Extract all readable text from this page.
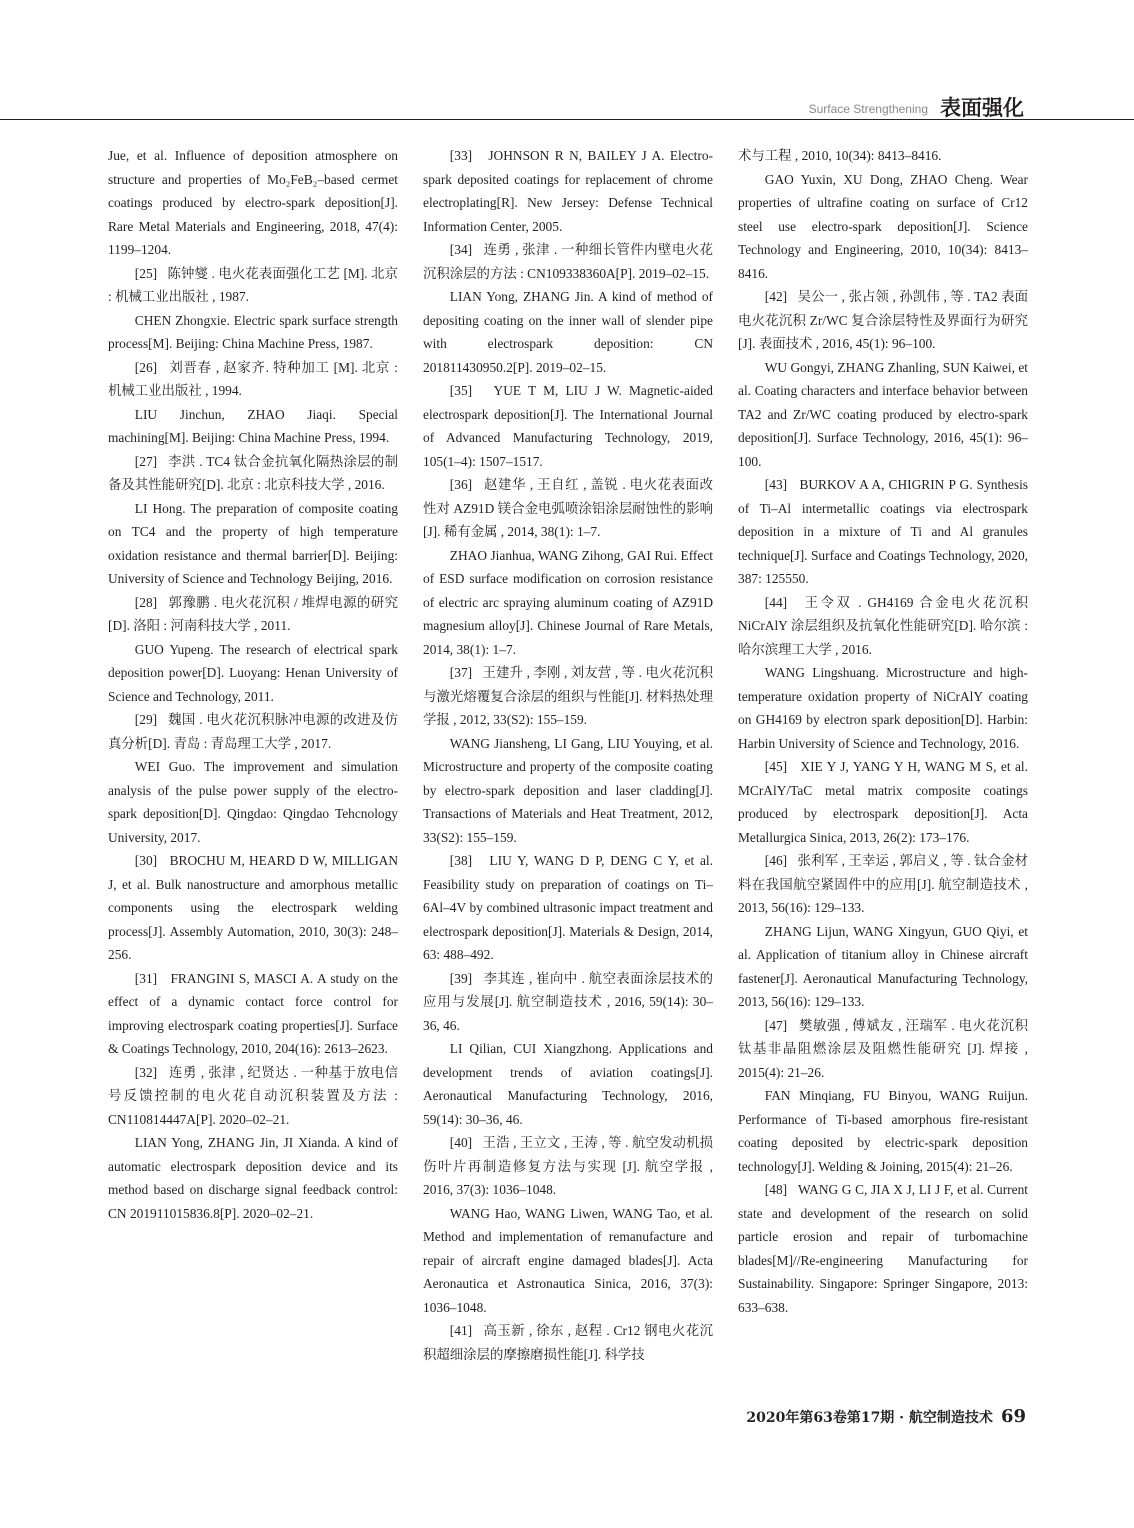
Surface Strengthening 表面强化

Jue, et al. Influence of deposition atmosphere on structure and properties of Mo₂FeB₂–based cermet coatings produced by electro-spark deposition[J]. Rare Metal Materials and Engineering, 2018, 47(4): 1199–1204.

[25]   陈钟燮 . 电火花表面强化工艺 [M]. 北京 : 机械工业出版社 , 1987.

CHEN Zhongxie. Electric spark surface strength process[M]. Beijing: China Machine Press, 1987.

[26]   刘晋春 , 赵家齐. 特种加工 [M]. 北京 : 机械工业出版社 , 1994.

LIU Jinchun, ZHAO Jiaqi. Special machining[M]. Beijing: China Machine Press, 1994.

[27]   李洪 . TC4 钛合金抗氧化隔热涂层的制备及其性能研究[D]. 北京 : 北京科技大学 , 2016.

LI Hong. The preparation of composite coating on TC4 and the property of high temperature oxidation resistance and thermal barrier[D]. Beijing: University of Science and Technology Beijing, 2016.

[28]   郭豫鹏 . 电火花沉积 / 堆焊电源的研究[D]. 洛阳 : 河南科技大学 , 2011.

GUO Yupeng. The research of electrical spark deposition power[D]. Luoyang: Henan University of Science and Technology, 2011.

[29]   魏国 . 电火花沉积脉冲电源的改进及仿真分析[D]. 青岛 : 青岛理工大学 , 2017.

WEI Guo. The improvement and simulation analysis of the pulse power supply of the electro-spark deposition[D]. Qingdao: Qingdao Tehcnology University, 2017.

[30]   BROCHU M, HEARD D W, MILLIGAN J, et al. Bulk nanostructure and amorphous metallic components using the electrospark welding process[J]. Assembly Automation, 2010, 30(3): 248–256.

[31]   FRANGINI S, MASCI A. A study on the effect of a dynamic contact force control for improving electrospark coating properties[J]. Surface & Coatings Technology, 2010, 204(16): 2613–2623.

[32]   连勇 , 张津 , 纪贤达 . 一种基于放电信号反馈控制的电火花自动沉积装置及方法 : CN110814447A[P]. 2020–02–21.

LIAN Yong, ZHANG Jin, JI Xianda. A kind of automatic electrospark deposition device and its method based on discharge signal feedback control: CN 201911015836.8[P]. 2020–02–21.

[33]   JOHNSON R N, BAILEY J A. Electro-spark deposited coatings for replacement of chrome electroplating[R]. New Jersey: Defense Technical Information Center, 2005.

[34]   连勇 , 张津 . 一种细长管件内壁电火花沉积涂层的方法 : CN109338360A[P]. 2019–02–15.

LIAN Yong, ZHANG Jin. A kind of method of depositing coating on the inner wall of slender pipe with electrospark deposition: CN 201811430950.2[P]. 2019–02–15.

[35]   YUE T M, LIU J W. Magnetic-aided electrospark deposition[J]. The International Journal of Advanced Manufacturing Technology, 2019, 105(1–4): 1507–1517.

[36]   赵建华 , 王自红 , 盖锐 . 电火花表面改性对 AZ91D 镁合金电弧喷涂铝涂层耐蚀性的影响[J]. 稀有金属 , 2014, 38(1): 1–7.

ZHAO Jianhua, WANG Zihong, GAI Rui. Effect of ESD surface modification on corrosion resistance of electric arc spraying aluminum coating of AZ91D magnesium alloy[J]. Chinese Journal of Rare Metals, 2014, 38(1): 1–7.

[37]   王建升 , 李刚 , 刘友营 , 等 . 电火花沉积与激光熔覆复合涂层的组织与性能[J]. 材料热处理学报 , 2012, 33(S2): 155–159.

WANG Jiansheng, LI Gang, LIU Youying, et al. Microstructure and property of the composite coating by electro-spark deposition and laser cladding[J]. Transactions of Materials and Heat Treatment, 2012, 33(S2): 155–159.

[38]   LIU Y, WANG D P, DENG C Y, et al. Feasibility study on preparation of coatings on Ti–6Al–4V by combined ultrasonic impact treatment and electrospark deposition[J]. Materials & Design, 2014, 63: 488–492.

[39]   李其连 , 崔向中 . 航空表面涂层技术的应用与发展[J]. 航空制造技术 , 2016, 59(14): 30–36, 46.

LI Qilian, CUI Xiangzhong. Applications and development trends of aviation coatings[J]. Aeronautical Manufacturing Technology, 2016, 59(14): 30–36, 46.

[40]   王浩 , 王立文 , 王涛 , 等 . 航空发动机损伤叶片再制造修复方法与实现 [J]. 航空学报 , 2016, 37(3): 1036–1048.

WANG Hao, WANG Liwen, WANG Tao, et al. Method and implementation of remanufacture and repair of aircraft engine damaged blades[J]. Acta Aeronautica et Astronautica Sinica, 2016, 37(3): 1036–1048.

[41]   高玉新 , 徐东 , 赵程 . Cr12 钢电火花沉积超细涂层的摩擦磨损性能[J]. 科学技

术与工程 , 2010, 10(34): 8413–8416.

GAO Yuxin, XU Dong, ZHAO Cheng. Wear properties of ultrafine coating on surface of Cr12 steel use electro-spark deposition[J]. Science Technology and Engineering, 2010, 10(34): 8413–8416.

[42]   吴公一 , 张占领 , 孙凯伟 , 等 . TA2 表面电火花沉积 Zr/WC 复合涂层特性及界面行为研究[J]. 表面技术 , 2016, 45(1): 96–100.

WU Gongyi, ZHANG Zhanling, SUN Kaiwei, et al. Coating characters and interface behavior between TA2 and Zr/WC coating produced by electro-spark deposition[J]. Surface Technology, 2016, 45(1): 96–100.

[43]   BURKOV A A, CHIGRIN P G. Synthesis of Ti–Al intermetallic coatings via electrospark deposition in a mixture of Ti and Al granules technique[J]. Surface and Coatings Technology, 2020, 387: 125550.

[44]   王令双 . GH4169 合金电火花沉积 NiCrAlY 涂层组织及抗氧化性能研究[D]. 哈尔滨 : 哈尔滨理工大学 , 2016.

WANG Lingshuang. Microstructure and high-temperature oxidation property of NiCrAlY coating on GH4169 by electron spark deposition[D]. Harbin: Harbin University of Science and Technology, 2016.

[45]   XIE Y J, YANG Y H, WANG M S, et al. MCrAlY/TaC metal matrix composite coatings produced by electrospark deposition[J]. Acta Metallurgica Sinica, 2013, 26(2): 173–176.

[46]   张利军 , 王幸运 , 郭启义 , 等 . 钛合金材料在我国航空紧固件中的应用[J]. 航空制造技术 , 2013, 56(16): 129–133.

ZHANG Lijun, WANG Xingyun, GUO Qiyi, et al. Application of titanium alloy in Chinese aircraft fastener[J]. Aeronautical Manufacturing Technology, 2013, 56(16): 129–133.

[47]   樊敏强 , 傅斌友 , 汪瑞军 . 电火花沉积钛基非晶阻燃涂层及阻燃性能研究 [J]. 焊接 , 2015(4): 21–26.

FAN Minqiang, FU Binyou, WANG Ruijun. Performance of Ti-based amorphous fire-resistant coating deposited by electric-spark deposition technology[J]. Welding & Joining, 2015(4): 21–26.

[48]   WANG G C, JIA X J, LI J F, et al. Current state and development of the research on solid particle erosion and repair of turbomachine blades[M]//Re-engineering Manufacturing for Sustainability. Singapore: Springer Singapore, 2013: 633–638.

2020年第63卷第17期 · 航空制造技术 69
